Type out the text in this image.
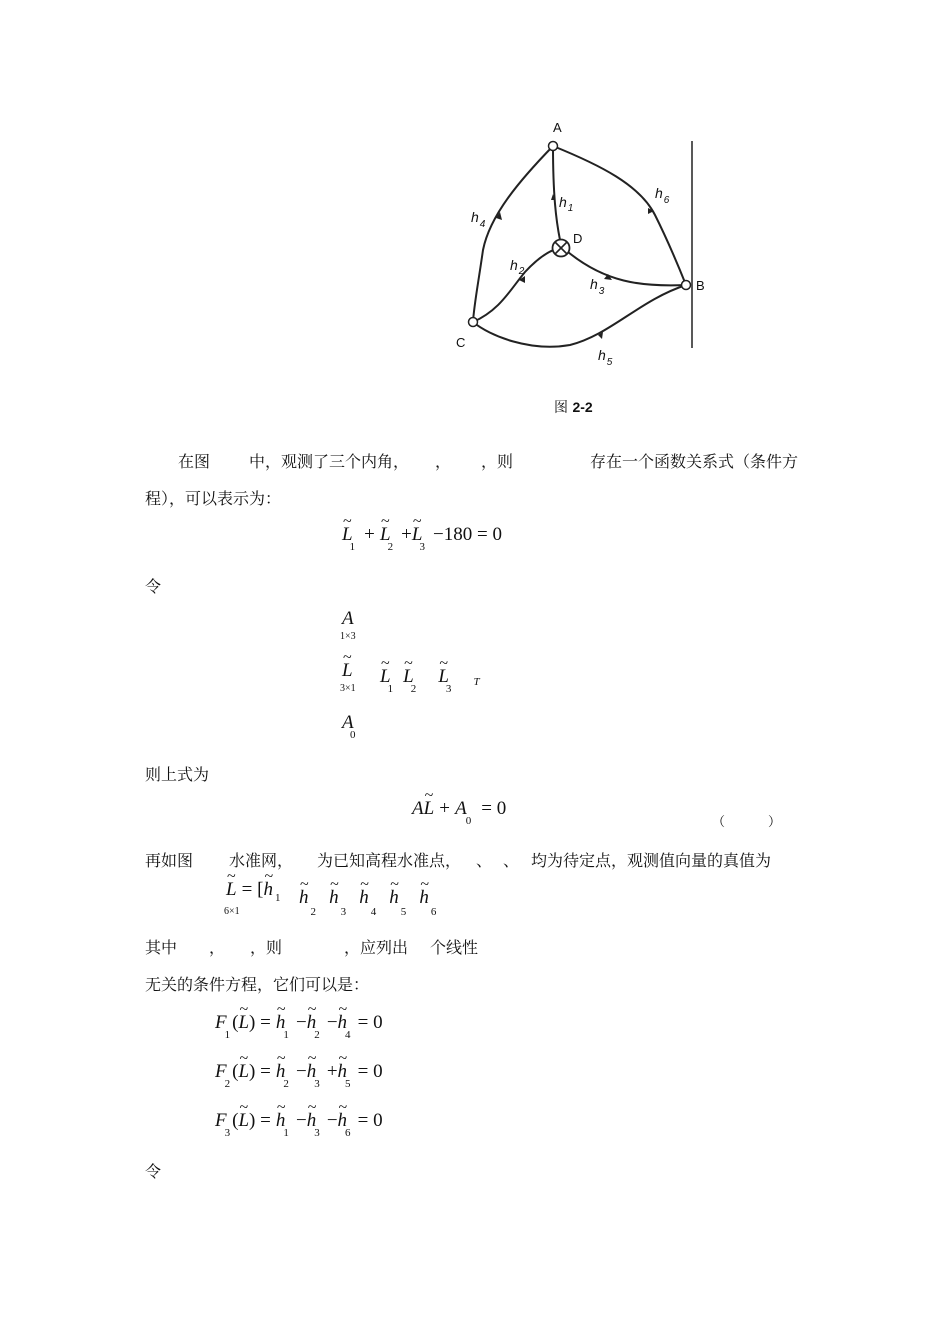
A
B
C
D
$h_1$
$h_2$
$h_3$
$h_4$
$h_5$
$h_6$
图 2-2
在图 中，观测了三个内角， ， ，则	存在一个函数关系式（条件方
程），可以表示为：
~ $L_1$ + ~ $L_2$ +~ $L_3 -180 = 0$
令
A
1×3
~ L
3×1
~ $L_1$ ~ $L_2$ ~ $L_3$ T
A
0
则上式为
A~ $L + A_0 = 0$
（	）
再如图 水准网， 为已知高程水准点， 、 、 均为待定点，观测值向量的真值为
~ L = [~ h $_1$
6×1
~ $h_2$ ~ $h_3$ ~ $h_4$ ~ $h_5$ ~ $h_6$
其中 ， ，则	，应列出 个线性
无关的条件方程，它们可以是：
$F_1(\sim$ L) = ~ $h_1$ −~ $h_2$ −~ $h_4 = 0$
$F_2(\sim$ L) = ~ $h_2$ −~ $h_3$ +~ $h_5 = 0$
$F_3(\sim$ L) = ~ $h_1$ −~ $h_3$ −~ $h_6 = 0$
令
